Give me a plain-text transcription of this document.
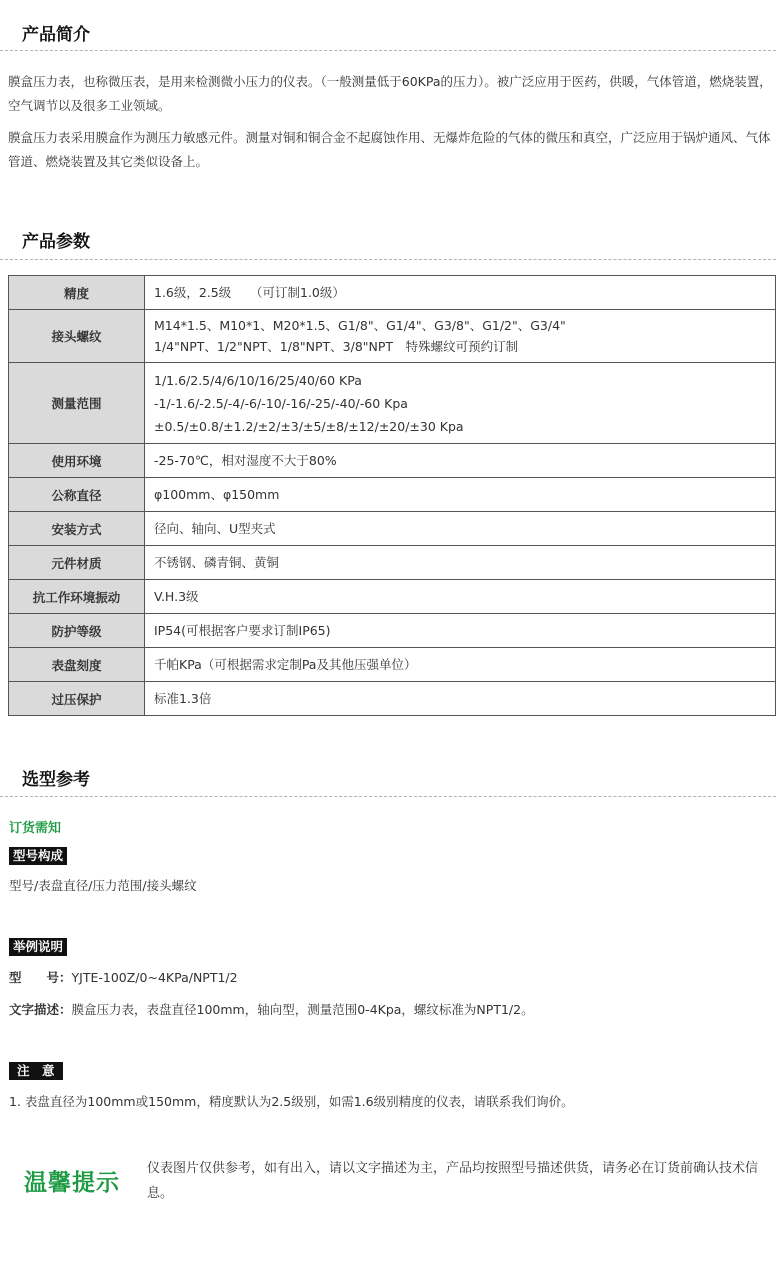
产品简介
膜盒压力表，也称微压表，是用来检测微小压力的仪表。（一般测量低于60KPa的压力）。被广泛应用于医药，供暖，气体管道，燃烧装置，空气调节以及很多工业领域。
膜盒压力表采用膜盒作为测压力敏感元件。测量对铜和铜合金不起腐蚀作用、无爆炸危险的气体的微压和真空，广泛应用于锅炉通风、气体管道、燃烧装置及其它类似设备上。
产品参数
精度	1.6级，2.5级　　（可订制1.0级）

接头螺纹	M14*1.5、M10*1、M20*1.5、G1/8"、G1/4"、G3/8"、G1/2"、G3/4"
1/4"NPT、1/2"NPT、1/8"NPT、3/8"NPT　特殊螺纹可预约订制

测量范围	1/1.6/2.5/4/6/10/16/25/40/60 KPa
-1/-1.6/-2.5/-4/-6/-10/-16/-25/-40/-60 Kpa
±0.5/±0.8/±1.2/±2/±3/±5/±8/±12/±20/±30 Kpa

使用环境	-25-70℃，相对湿度不大于80%

公称直径	φ100mm、φ150mm

安装方式	径向、轴向、U型夹式

元件材质	不锈钢、磷青铜、黄铜

抗工作环境振动	V.H.3级

防护等级	IP54(可根据客户要求订制IP65)

表盘刻度	千帕KPa（可根据需求定制Pa及其他压强单位）

过压保护	标准1.3倍
选型参考
订货需知
型号构成
型号/表盘直径/压力范围/接头螺纹
举例说明
型　　号：YJTE-100Z/0~4KPa/NPT1/2
文字描述：膜盒压力表，表盘直径100mm，轴向型，测量范围0-4Kpa，螺纹标准为NPT1/2。
注　意
1. 表盘直径为100mm或150mm，精度默认为2.5级别，如需1.6级别精度的仪表，请联系我们询价。
温馨提示
仪表图片仅供参考，如有出入，请以文字描述为主，产品均按照型号描述供货，请务必在订货前确认技术信息。
